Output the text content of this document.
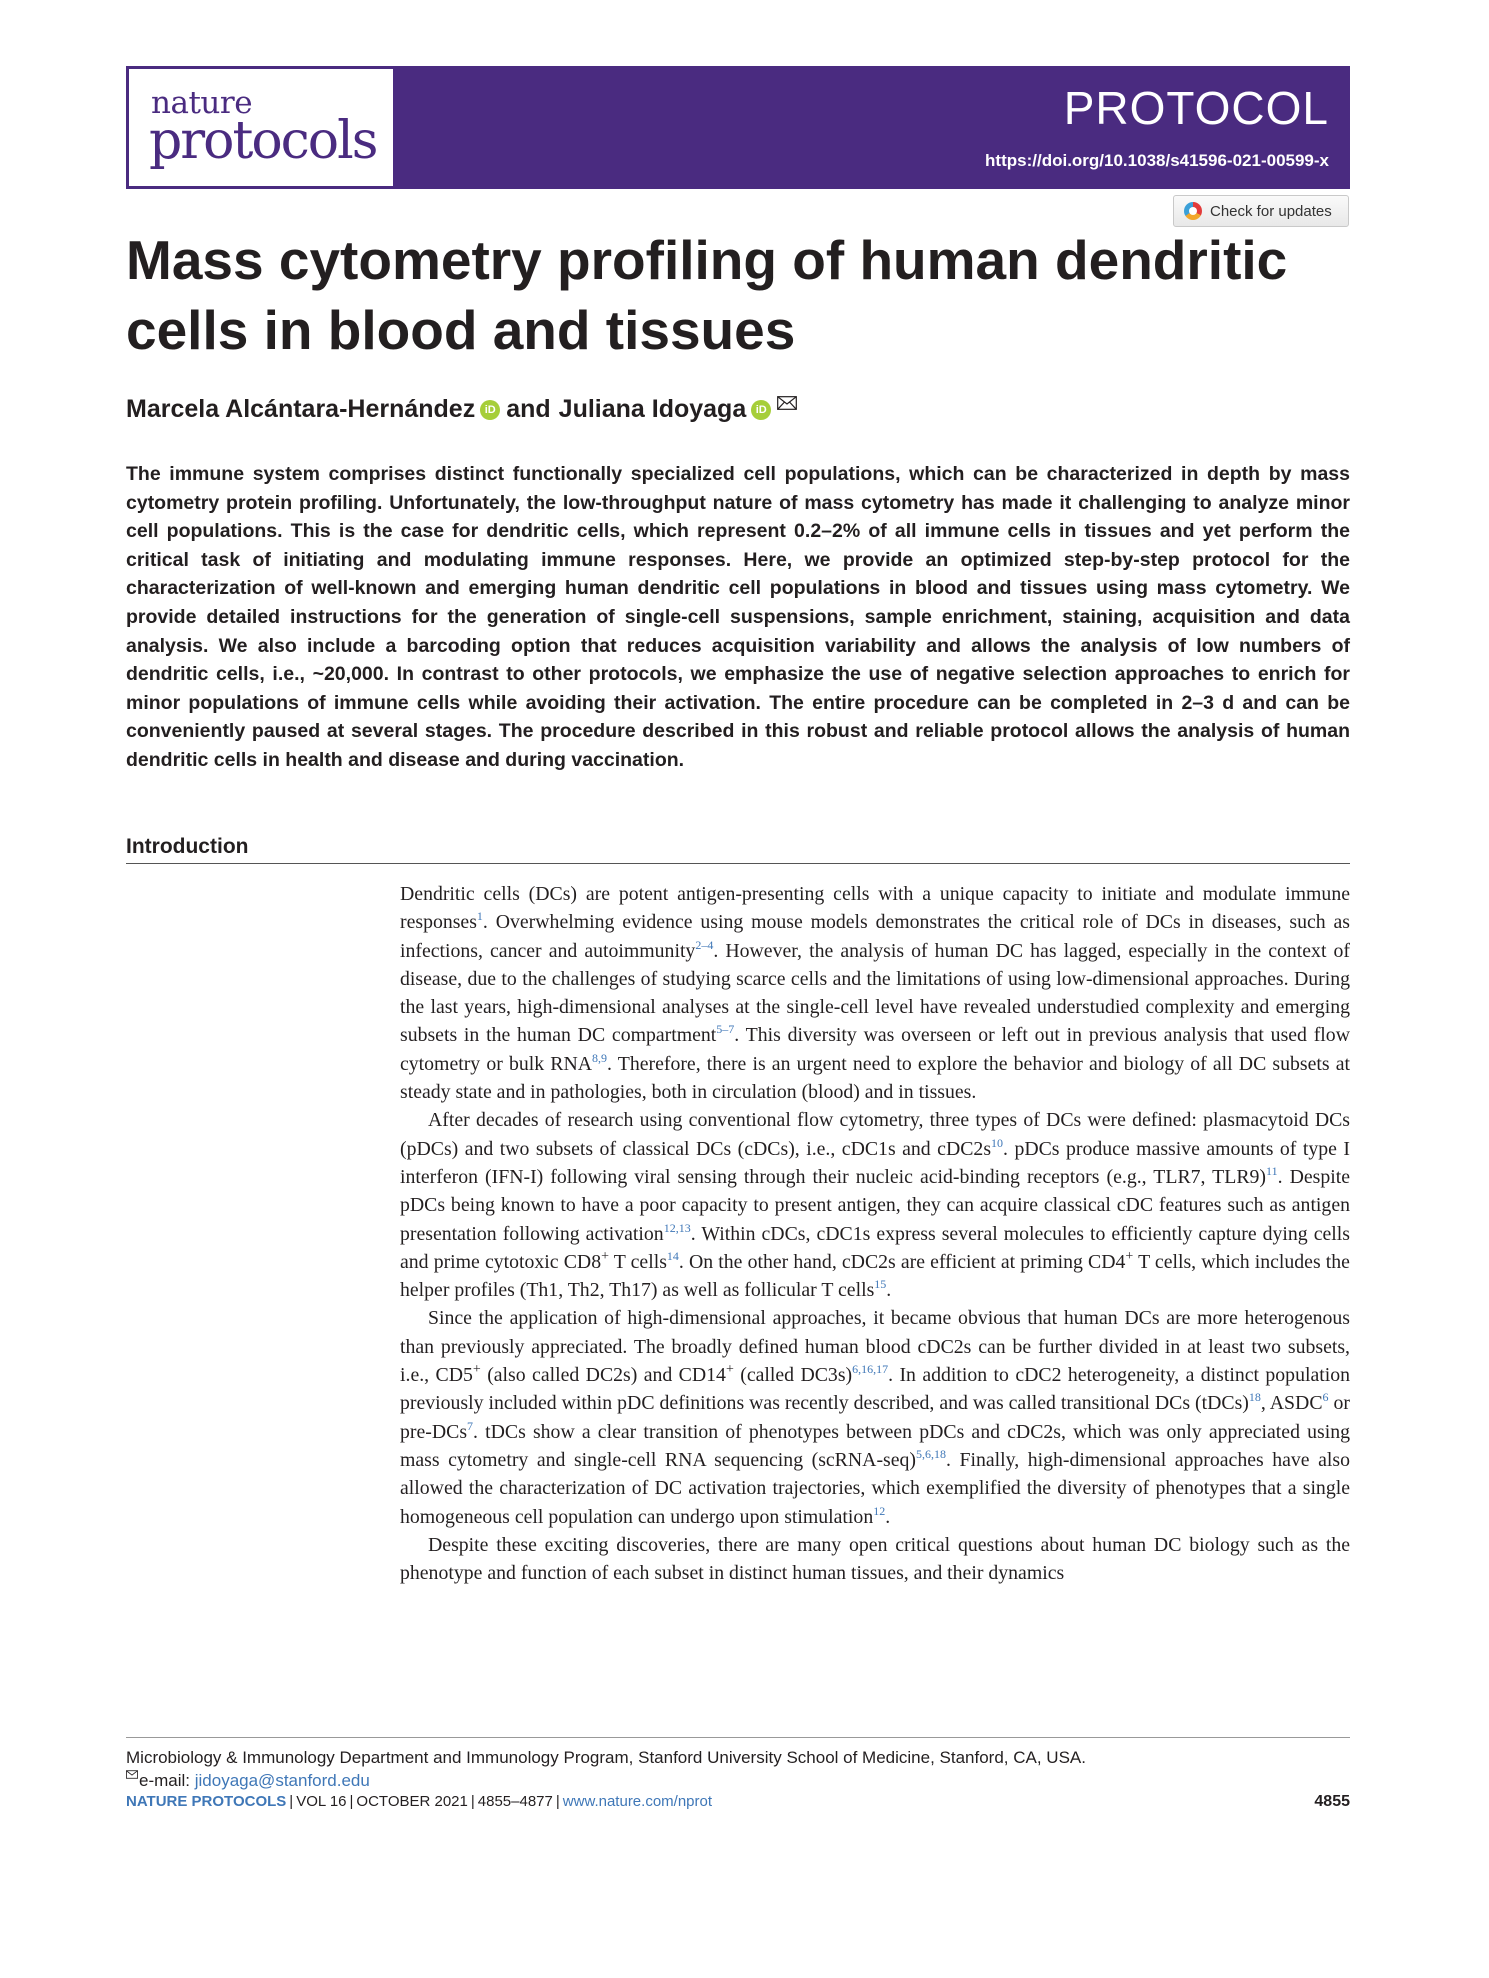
nature
protocols
PROTOCOL
https://doi.org/10.1038/s41596-021-00599-x
Check for updates
Mass cytometry profiling of human dendritic cells in blood and tissues
Marcela Alcántara-Hernández iD and Juliana Idoyaga iD

The immune system comprises distinct functionally specialized cell populations, which can be characterized in depth by mass cytometry protein profiling. Unfortunately, the low-throughput nature of mass cytometry has made it challenging to analyze minor cell populations. This is the case for dendritic cells, which represent 0.2–2% of all immune cells in tissues and yet perform the critical task of initiating and modulating immune responses. Here, we provide an optimized step-by-step protocol for the characterization of well-known and emerging human dendritic cell populations in blood and tissues using mass cytometry. We provide detailed instructions for the generation of single-cell suspensions, sample enrichment, staining, acquisition and data analysis. We also include a barcoding option that reduces acquisition variability and allows the analysis of low numbers of dendritic cells, i.e., ~20,000. In contrast to other protocols, we emphasize the use of negative selection approaches to enrich for minor populations of immune cells while avoiding their activation. The entire procedure can be completed in 2–3 d and can be conveniently paused at several stages. The procedure described in this robust and reliable protocol allows the analysis of human dendritic cells in health and disease and during vaccination.

Introduction

Dendritic cells (DCs) are potent antigen-presenting cells with a unique capacity to initiate and modulate immune responses$^1$. Overwhelming evidence using mouse models demonstrates the critical role of DCs in diseases, such as infections, cancer and autoimmunity$^{2-4}$. However, the analysis of human DC has lagged, especially in the context of disease, due to the challenges of studying scarce cells and the limitations of using low-dimensional approaches. During the last years, high-dimensional analyses at the single-cell level have revealed understudied complexity and emerging subsets in the human DC compartment$^{5-7}$. This diversity was overseen or left out in previous analysis that used flow cytometry or bulk RNA$^{8,9}$. Therefore, there is an urgent need to explore the behavior and biology of all DC subsets at steady state and in pathologies, both in circulation (blood) and in tissues.

After decades of research using conventional flow cytometry, three types of DCs were defined: plasmacytoid DCs (pDCs) and two subsets of classical DCs (cDCs), i.e., cDC1s and cDC2s$^{10}$. pDCs produce massive amounts of type I interferon (IFN-I) following viral sensing through their nucleic acid-binding receptors (e.g., TLR7, TLR9)$^{11}$. Despite pDCs being known to have a poor capacity to present antigen, they can acquire classical cDC features such as antigen presentation following activation$^{12,13}$. Within cDCs, cDC1s express several molecules to efficiently capture dying cells and prime cytotoxic CD8+ T cells$^{14}$. On the other hand, cDC2s are efficient at priming CD4+ T cells, which includes the helper profiles (Th1, Th2, Th17) as well as follicular T cells$^{15}$.

Since the application of high-dimensional approaches, it became obvious that human DCs are more heterogenous than previously appreciated. The broadly defined human blood cDC2s can be further divided in at least two subsets, i.e., CD5+ (also called DC2s) and CD14+ (called DC3s)$^{6,16,17}$. In addition to cDC2 heterogeneity, a distinct population previously included within pDC definitions was recently described, and was called transitional DCs (tDCs)$^{18}$, ASDC$^6$ or pre-DCs$^7$. tDCs show a clear transition of phenotypes between pDCs and cDC2s, which was only appreciated using mass cytometry and single-cell RNA sequencing (scRNA-seq)$^{5,6,18}$. Finally, high-dimensional approaches have also allowed the characterization of DC activation trajectories, which exemplified the diversity of phenotypes that a single homogeneous cell population can undergo upon stimulation$^{12}$.

Despite these exciting discoveries, there are many open critical questions about human DC biology such as the phenotype and function of each subset in distinct human tissues, and their dynamics

Microbiology & Immunology Department and Immunology Program, Stanford University School of Medicine, Stanford, CA, USA.
e-mail: jidoyaga@stanford.edu
NATURE PROTOCOLS | VOL 16 | OCTOBER 2021 | 4855–4877 | www.nature.com/nprot	4855
